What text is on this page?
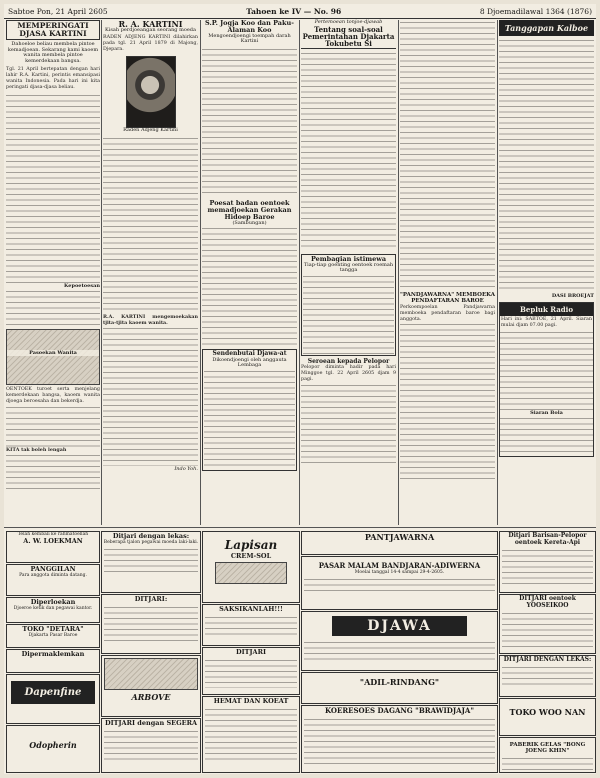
Sabtoe Pon, 21 April 2605	Tahoen ke IV — No. 96	8 Djoemadilawal 1364 (1876)
MEMPERINGATI DJASA KARTINI
Dahoeloe beliau membela pintoe kemadjoean. Sekarang kami kaoem wanita membela pintoe kemerdekaan bangsa.
Tgl. 21 April bertepatan dengan hari lahir R.A. Kartini, perintis emansipasi wanita Indonesia. Pada hari ini kita peringati djasa-djasa beliau.
Kepoetoesan
Pasoekan Wanita
OENTOEK turoet serta menjelang kemerdekaan bangsa, kaoem wanita djoega beroesaha dan bekerdja.
KITA tak boleh lengah
R. A. KARTINI
Kisah perdjoeangan seorang moeda
RADEN ADJENG KARTINI dilahirkan pada tgl. 21 April 1879 di Majong, Djepara.
Raden Adjeng Kartini
R.A. KARTINI mengemoekakan tjita-tjita kaoem wanita.
Indo Yoh.
S.P. Jogja Koo dan Paku-Alaman Koo
Mengoendjoengi toempah darah Kartini
Poesat badan oentoek memadjoekan Gerakan Hidoep Baroe
(Sambungan)
Sendenbutai Djawa-at
Dikoendjoengi oleh anggauta Lembaga
Pertemoean tonjoe-djawab
Tentang soal-soal Pemerintahan Djakarta Tokubetu Si
Pembagian istimewa
Tiap-tiap goenting oentoek roemah tangga
Seroean kepada Pelopor
Pelopor diminta hadir pada hari Minggoe tgl. 22 April 2605 djam 9 pagi.
"PANDJAWARNA" MEMBOEKA PENDAFTARAN BAROE
Perkoempoelan Pandjawarna memboeka pendaftaran baroe bagi anggota.
Tanggapan Kalboe
DASI BROEJAT
Bepluk Radio
Hari ini: SABTOE, 21 April. Siaran mulai djam 07.00 pagi.
Siaran Bola
Telah kembali ke rahmatoellah
A. W. LOEKMAN
PANGGILAN
Para anggota diminta datang.
Diperloekan
Djoeroe ketik dan pegawai kantor.
TOKO "DETARA"
Djakarta Pasar Baroe
Dipermaklemkan
Dapenfine
Odopherin
Ditjari dengan lekas:
Beberapa tjalon pegawai moeda laki-laki.
DITJARI:
ARBOVE
DITJARI dengan SEGERA
Lapisan
CREM-SOL
SAKSIKANLAH!!!
DITJARI
HEMAT DAN KOEAT
PANTJAWARNA
PASAR MALAM BANDJARAN-ADIWERNA
Moelai tanggal 14-4 sampai 29-4-2605.
DJAWA
"ADIL-RINDANG"
KOERESOES DAGANG "BRAWIDJAJA"
Ditjari Barisan-Pelopor oentoek Kereta-Api
DITJARI oentoek YOOSEIKOO
DITJARI DENGAN LEKAS:
TOKO WOO NAN
PABERIK GELAS "BONG JOENG KHIN"
